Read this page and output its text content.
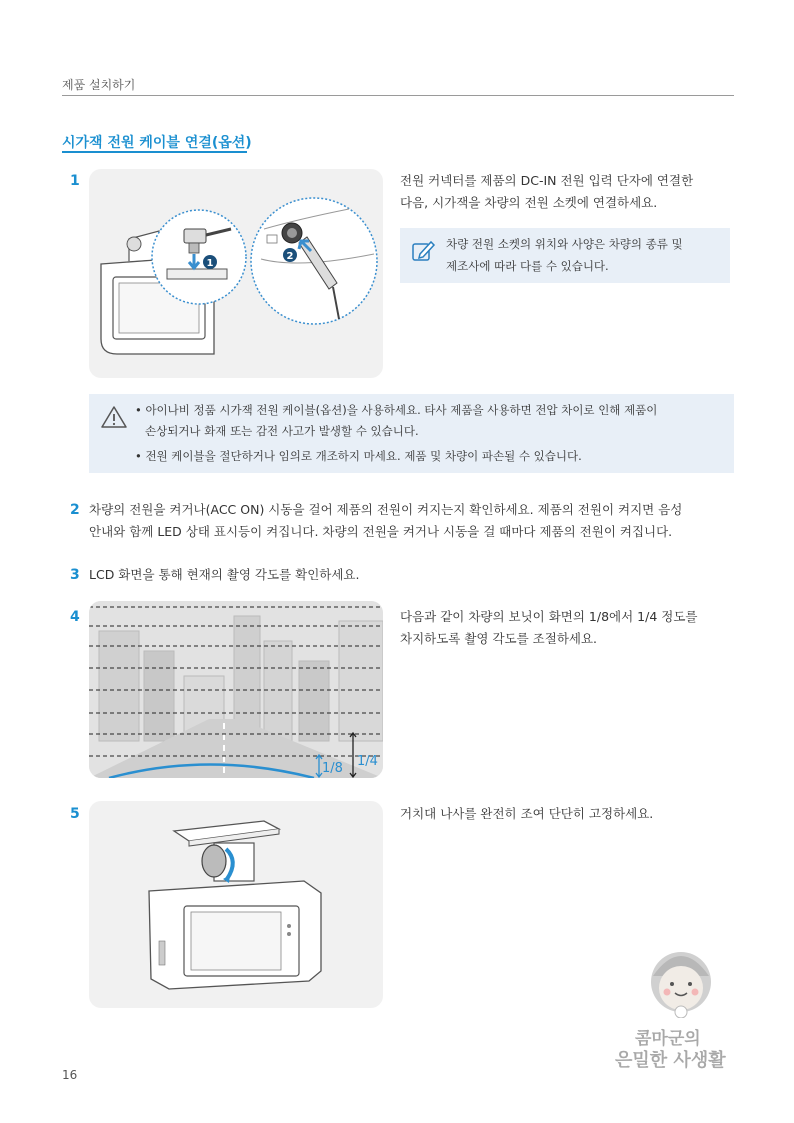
제품 설치하기
시가잭 전원 케이블 연결(옵션)
1
1
2
전원 커넥터를 제품의 DC-IN 전원 입력 단자에 연결한
다음, 시가잭을 차량의 전원 소켓에 연결하세요.
차량 전원 소켓의 위치와 사양은 차량의 종류 및
제조사에 따라 다를 수 있습니다.
• 아이나비 정품 시가잭 전원 케이블(옵션)을 사용하세요. 타사 제품을 사용하면 전압 차이로 인해 제품이
손상되거나 화재 또는 감전 사고가 발생할 수 있습니다.
• 전원 케이블을 절단하거나 임의로 개조하지 마세요. 제품 및 차량이 파손될 수 있습니다.
2 차량의 전원을 켜거나(ACC ON) 시동을 걸어 제품의 전원이 켜지는지 확인하세요. 제품의 전원이 켜지면 음성
안내와 함께 LED 상태 표시등이 켜집니다. 차량의 전원을 켜거나 시동을 걸 때마다 제품의 전원이 켜집니다.
3 LCD 화면을 통해 현재의 촬영 각도를 확인하세요.
4
1/8 1/4
다음과 같이 차량의 보닛이 화면의 1/8에서 1/4 정도를
차지하도록 촬영 각도를 조절하세요.
5	거치대 나사를 완전히 조여 단단히 고정하세요.
콤마군의
은밀한 사생활
16
